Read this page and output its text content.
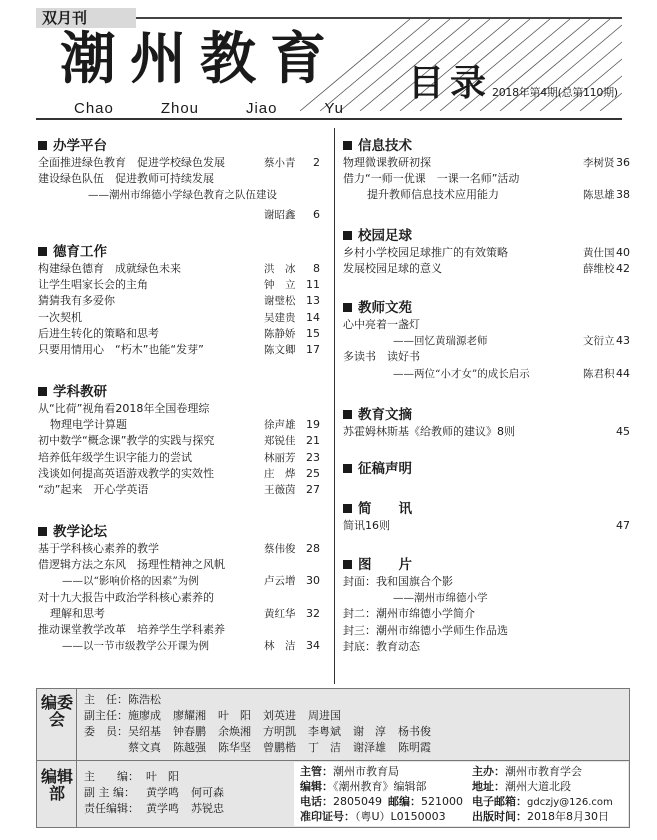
双月刊
潮州教育
Chao	Zhou	Jiao	Yu
目录 2018年第4期(总第110期)
办学平台
全面推进绿色教育　促进学校绿色发展	蔡小青 2
建设绿色队伍　促进教师可持续发展
——潮州市绵德小学绿色教育之队伍建设
谢昭鑫 6
德育工作
构建绿色德育　成就绿色未来	洪　冰 8
让学生唱家长会的主角	钟　立 11
猜猜我有多爱你	谢璧松 13
一次契机	吴建贵 14
后进生转化的策略和思考	陈静娇 15
只要用情用心　“朽木”也能“发芽”	陈文卿 17
学科教研
从“比荷”视角看2018年全国卷理综
物理电学计算题	徐声雄 19
初中数学“概念课”教学的实践与探究	郑锐佳 21
培养低年级学生识字能力的尝试	林丽芳 23
浅谈如何提高英语游戏教学的实效性	庄　烨 25
“动”起来　开心学英语	王薇茵 27
教学论坛
基于学科核心素养的教学	蔡伟俊 28
借逻辑方法之东风　扬理性精神之风帆
——以“影响价格的因素”为例	卢云增 30
对十九大报告中政治学科核心素养的
理解和思考	黄红华 32
推动课堂教学改革　培养学生学科素养
——以一节市级教学公开课为例	林　洁 34
信息技术
物理微课教研初探	李树贤 36
借力“一师一优课　一课一名师”活动
提升教师信息技术应用能力	陈思雄 38
校园足球
乡村小学校园足球推广的有效策略	黄仕国 40
发展校园足球的意义	薛维校 42
教师文苑
心中亮着一盏灯
——回忆黄瑞源老师	文衍立 43
多读书　读好书
——两位“小才女”的成长启示	陈君积 44
教育文摘
苏霍姆林斯基《给教师的建议》8则	45
征稿声明
简　　讯
简讯16则	47
图　　片
封面：我和国旗合个影
——潮州市绵德小学
封二：潮州市绵德小学简介
封三：潮州市绵德小学师生作品选
封底：教育动态
编委会
编辑部
主　任：陈浩松
副主任：施廖成 廖耀湘 叶　阳 刘英进 周进国
委　员：吴绍基 钟春鹏 余焕湘 方明凯 李粤斌 谢　淳 杨书俊
蔡文真 陈越强 陈华坚 曾鹏楷 丁　洁 谢泽雄 陈明霞
主　　编： 叶　阳
副 主 编： 黄学鸣 何可森
责任编辑： 黄学鸣 苏锐忠
主管：潮州市教育局	主办：潮州市教育学会
编辑：《潮州教育》编辑部	地址：潮州大道北段
电话：2805049 邮编：521000 电子邮箱：gdczjy@126.com
准印证号：（粤U）L0150003 出版时间：2018年8月30日
